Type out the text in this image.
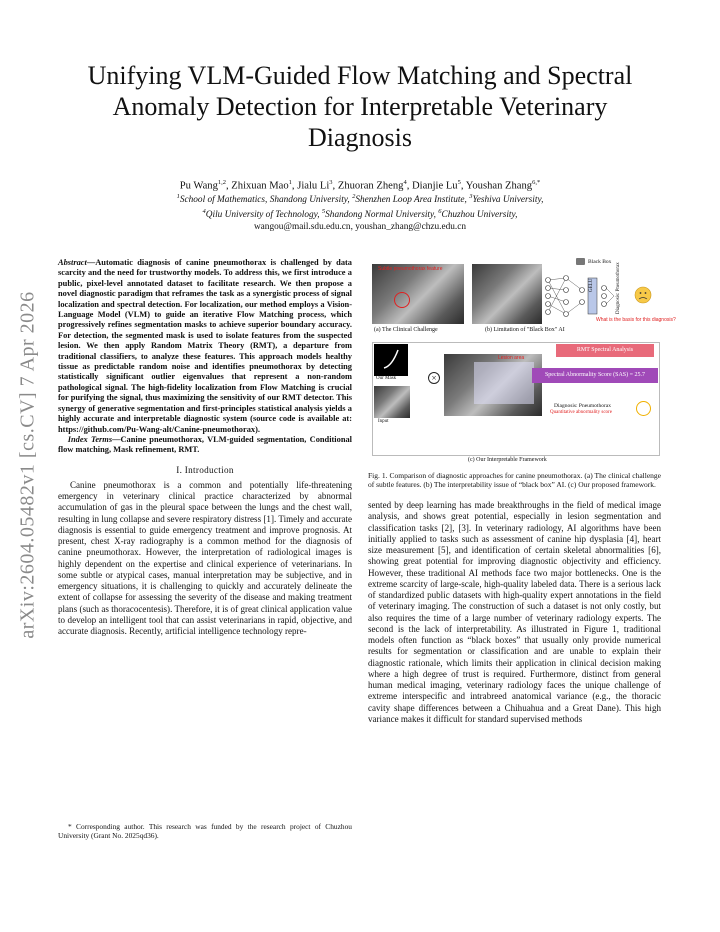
arXiv:2604.05482v1 [cs.CV] 7 Apr 2026
Unifying VLM-Guided Flow Matching and Spectral Anomaly Detection for Interpretable Veterinary Diagnosis
Pu Wang$^{1,2}$, Zhixuan Mao$^1$, Jialu Li$^3$, Zhuoran Zheng$^4$, Dianjie Lu$^5$, Youshan Zhang$^{6,*}$
$^1$School of Mathematics, Shandong University, $^2$Shenzhen Loop Area Institute, $^3$Yeshiva University,
$^4$Qilu University of Technology, $^5$Shandong Normal University, $^6$Chuzhou University,
wangou@mail.sdu.edu.cn, youshan_zhang@chzu.edu.cn
Abstract—Automatic diagnosis of canine pneumothorax is challenged by data scarcity and the need for trustworthy models. To address this, we first introduce a public, pixel-level annotated dataset to facilitate research. We then propose a novel diagnostic paradigm that reframes the task as a synergistic process of signal localization and spectral detection. For localization, our method employs a Vision-Language Model (VLM) to guide an iterative Flow Matching process, which progressively refines segmentation masks to achieve superior boundary accuracy. For detection, the segmented mask is used to isolate features from the suspected lesion. We then apply Random Matrix Theory (RMT), a departure from traditional classifiers, to analyze these features. This approach models healthy tissue as predictable random noise and identifies pneumothorax by detecting statistically significant outlier eigenvalues that represent a non-random pathological signal. The high-fidelity localization from Flow Matching is crucial for purifying the signal, thus maximizing the sensitivity of our RMT detector. This synergy of generative segmentation and first-principles statistical analysis yields a highly accurate and interpretable diagnostic system (source code is available at: https://github.com/Pu-Wang-alt/Canine-pneumothorax).
Index Terms—Canine pneumothorax, VLM-guided segmentation, Conditional flow matching, Mask refinement, RMT.
I. Introduction

Canine pneumothorax is a common and potentially life-threatening emergency in veterinary clinical practice characterized by abnormal accumulation of gas in the pleural space between the lungs and the chest wall, resulting in lung collapse and severe respiratory distress [1]. Timely and accurate diagnosis is essential to guide emergency treatment and improve prognosis. At present, chest X-ray radiography is a common method for the diagnosis of canine pneumothorax. However, the interpretation of radiological images is highly dependent on the expertise and clinical experience of veterinarians. In some subtle or atypical cases, manual interpretation may be subjective, and in emergency situations, it is challenging to quickly and accurately delineate the extent of collapse for assessing the severity of the disease and making treatment plans (such as thoracocentesis). Therefore, it is of great clinical application value to develop an intelligent tool that can assist veterinarians in rapid, objective, and accurate diagnosis. Recently, artificial intelligence technology repre-

* Corresponding author. This research was funded by the research project of Chuzhou University (Grant No. 2025qd36).
Subtle pneumothorax feature
(a) The Clinical Challenge
GELU	Diagnosis: Pneumothorax
Black Box
What is the basis for this diagnosis?
(b) Limitation of "Black Box" AI
Our Mask
Input
×
Lesion area
RMT Spectral Analysis
Spectral Abnormality Score (SAS) = 25.7
Diagnosis: Pneumothorax
Quantitative abnormality score
(c) Our Interpretable Framework
Fig. 1. Comparison of diagnostic approaches for canine pneumothorax. (a) The clinical challenge of subtle features. (b) The interpretability issue of “black box” AI. (c) Our proposed framework.

sented by deep learning has made breakthroughs in the field of medical image analysis, and shows great potential, especially in lesion segmentation and classification tasks [2], [3]. In veterinary radiology, AI algorithms have been initially applied to tasks such as assessment of canine hip dysplasia [4], heart size measurement [5], and identification of certain skeletal abnormalities [6], showing great potential for improving diagnostic objectivity and efficiency. However, these traditional AI methods face two major bottlenecks. One is the extreme scarcity of large-scale, high-quality labeled data. There is a serious lack of standardized public datasets with high-quality expert annotations in the field of veterinary imaging. The construction of such a dataset is not only costly, but also requires the time of a large number of veterinary radiology experts. The second is the lack of interpretability. As illustrated in Figure 1, traditional models often function as “black boxes” that usually only provide numerical results for segmentation or classification and are unable to explain their diagnostic rationale, which limits their application in clinical decision making where a high degree of trust is required. Furthermore, distinct from general human medical imaging, veterinary radiology faces the unique challenge of extreme interspecific and intrabreed anatomical variance (e.g., the thoracic cavity shape differences between a Chihuahua and a Great Dane). This high variance makes it difficult for standard supervised methods
